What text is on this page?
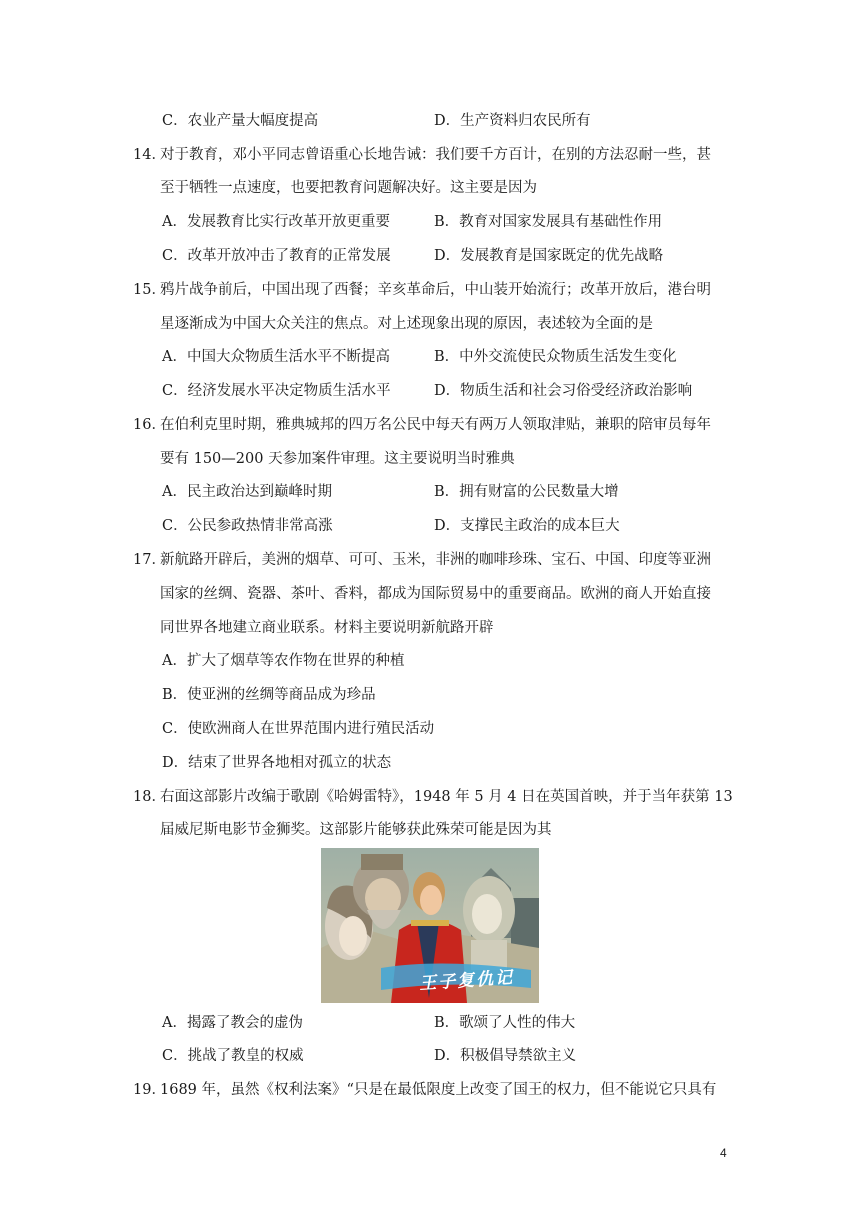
C．农业产量大幅度提高	D．生产资料归农民所有
14．
对于教育，邓小平同志曾语重心长地告诫：我们要千方百计，在别的方法忍耐一些，甚
至于牺牲一点速度，也要把教育问题解决好。这主要是因为
A．发展教育比实行改革开放更重要	B．教育对国家发展具有基础性作用
C．改革开放冲击了教育的正常发展	D．发展教育是国家既定的优先战略
15．
鸦片战争前后，中国出现了西餐；辛亥革命后，中山装开始流行；改革开放后，港台明
星逐渐成为中国大众关注的焦点。对上述现象出现的原因，表述较为全面的是
A．中国大众物质生活水平不断提高	B．中外交流使民众物质生活发生变化
C．经济发展水平决定物质生活水平	D．物质生活和社会习俗受经济政治影响
16．
在伯利克里时期，雅典城邦的四万名公民中每天有两万人领取津贴，兼职的陪审员每年
要有 150—200 天参加案件审理。这主要说明当时雅典
A．民主政治达到巅峰时期	B．拥有财富的公民数量大增
C．公民参政热情非常高涨	D．支撑民主政治的成本巨大
17．
新航路开辟后，美洲的烟草、可可、玉米，非洲的咖啡珍珠、宝石、中国、印度等亚洲
国家的丝绸、瓷器、茶叶、香料，都成为国际贸易中的重要商品。欧洲的商人开始直接
同世界各地建立商业联系。材料主要说明新航路开辟
A．扩大了烟草等农作物在世界的种植
B．使亚洲的丝绸等商品成为珍品
C．使欧洲商人在世界范围内进行殖民活动
D．结束了世界各地相对孤立的状态
18．
右面这部影片改编于歌剧《哈姆雷特》，1948 年 5 月 4 日在英国首映，并于当年获第 13
届威尼斯电影节金狮奖。这部影片能够获此殊荣可能是因为其
王子复仇记
A．揭露了教会的虚伪	B．歌颂了人性的伟大
C．挑战了教皇的权威	D．积极倡导禁欲主义
19．
1689 年，虽然《权利法案》“只是在最低限度上改变了国王的权力，但不能说它只具有
4
